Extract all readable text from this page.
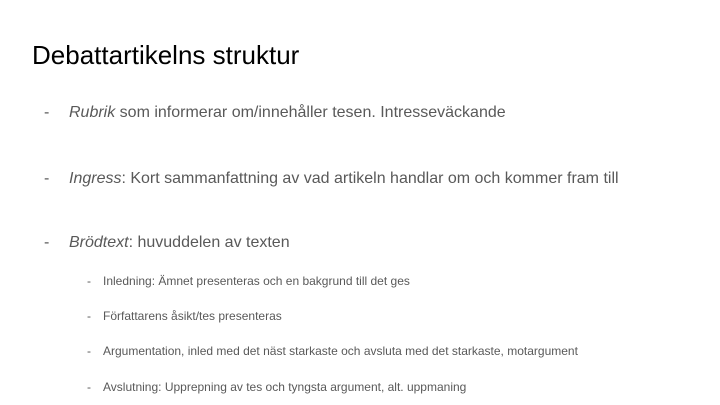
Debattartikelns struktur
- Rubrik som informerar om/innehåller tesen. Intresseväckande
- Ingress: Kort sammanfattning av vad artikeln handlar om och kommer fram till
- Brödtext: huvuddelen av texten
- Inledning: Ämnet presenteras och en bakgrund till det ges
- Författarens åsikt/tes presenteras
- Argumentation, inled med det näst starkaste och avsluta med det starkaste, motargument
- Avslutning: Upprepning av tes och tyngsta argument, alt. uppmaning
